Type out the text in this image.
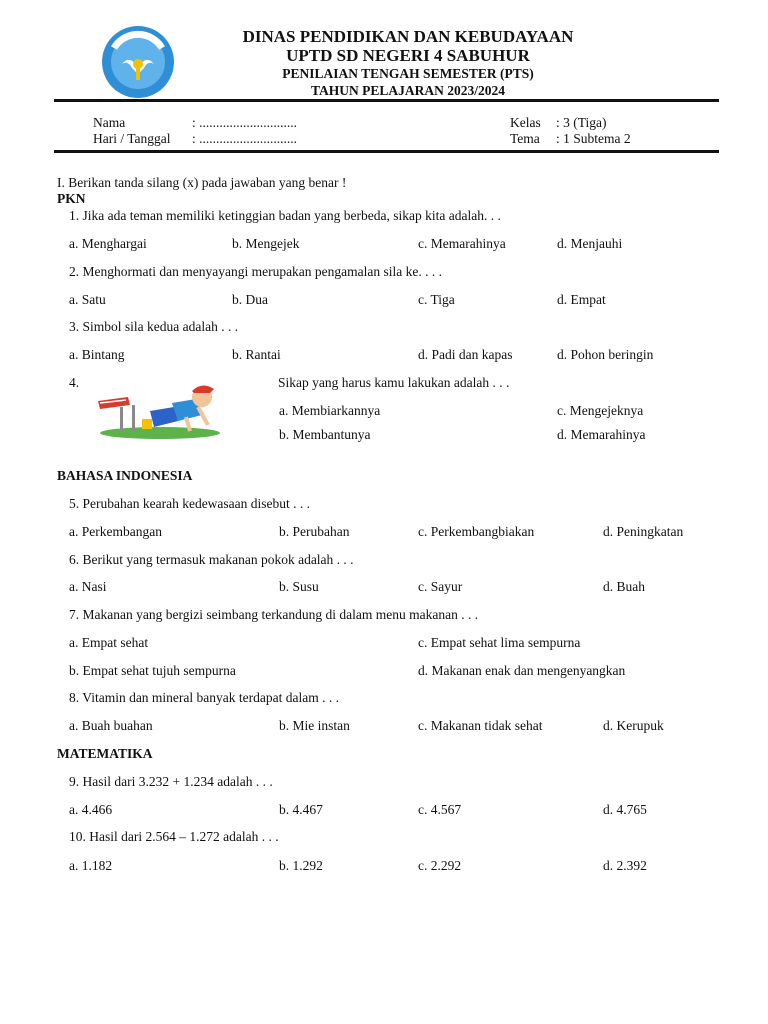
DINAS PENDIDIKAN DAN KEBUDAYAAN
UPTD SD NEGERI 4 SABUHUR
PENILAIAN TENGAH SEMESTER (PTS)
TAHUN PELAJARAN 2023/2024
Nama	: .............................
Hari / Tanggal : .............................
Kelas : 3 (Tiga)
Tema : 1 Subtema 2
I. Berikan tanda silang (x) pada jawaban yang benar !
PKN
1. Jika ada teman memiliki ketinggian badan yang berbeda, sikap kita adalah. . .
a. Menghargai	b. Mengejek	c. Memarahinya	d. Menjauhi
2. Menghormati dan menyayangi merupakan pengamalan sila ke. . . .
a. Satu	b. Dua	c. Tiga	d. Empat
3. Simbol sila kedua adalah . . .
a. Bintang	b. Rantai	d. Padi dan kapas	d. Pohon beringin
4.	Sikap yang harus kamu lakukan adalah . . .
a. Membiarkannya	c. Mengejeknya
b. Membantunya	d. Memarahinya
BAHASA INDONESIA
5. Perubahan kearah kedewasaan disebut . . .
a. Perkembangan	b. Perubahan	c. Perkembangbiakan	d. Peningkatan
6. Berikut yang termasuk makanan pokok adalah . . .
a. Nasi	b. Susu	c. Sayur	d. Buah
7. Makanan yang bergizi seimbang terkandung di dalam menu makanan . . .
a. Empat sehat	c. Empat sehat lima sempurna
b. Empat sehat tujuh sempurna	d. Makanan enak dan mengenyangkan
8. Vitamin dan mineral banyak terdapat dalam . . .
a. Buah buahan	b. Mie instan	c. Makanan tidak sehat	d. Kerupuk
MATEMATIKA
9. Hasil dari 3.232 + 1.234 adalah . . .
a. 4.466	b. 4.467	c. 4.567	d. 4.765
10. Hasil dari 2.564 – 1.272 adalah . . .
a. 1.182	b. 1.292	c. 2.292	d. 2.392
